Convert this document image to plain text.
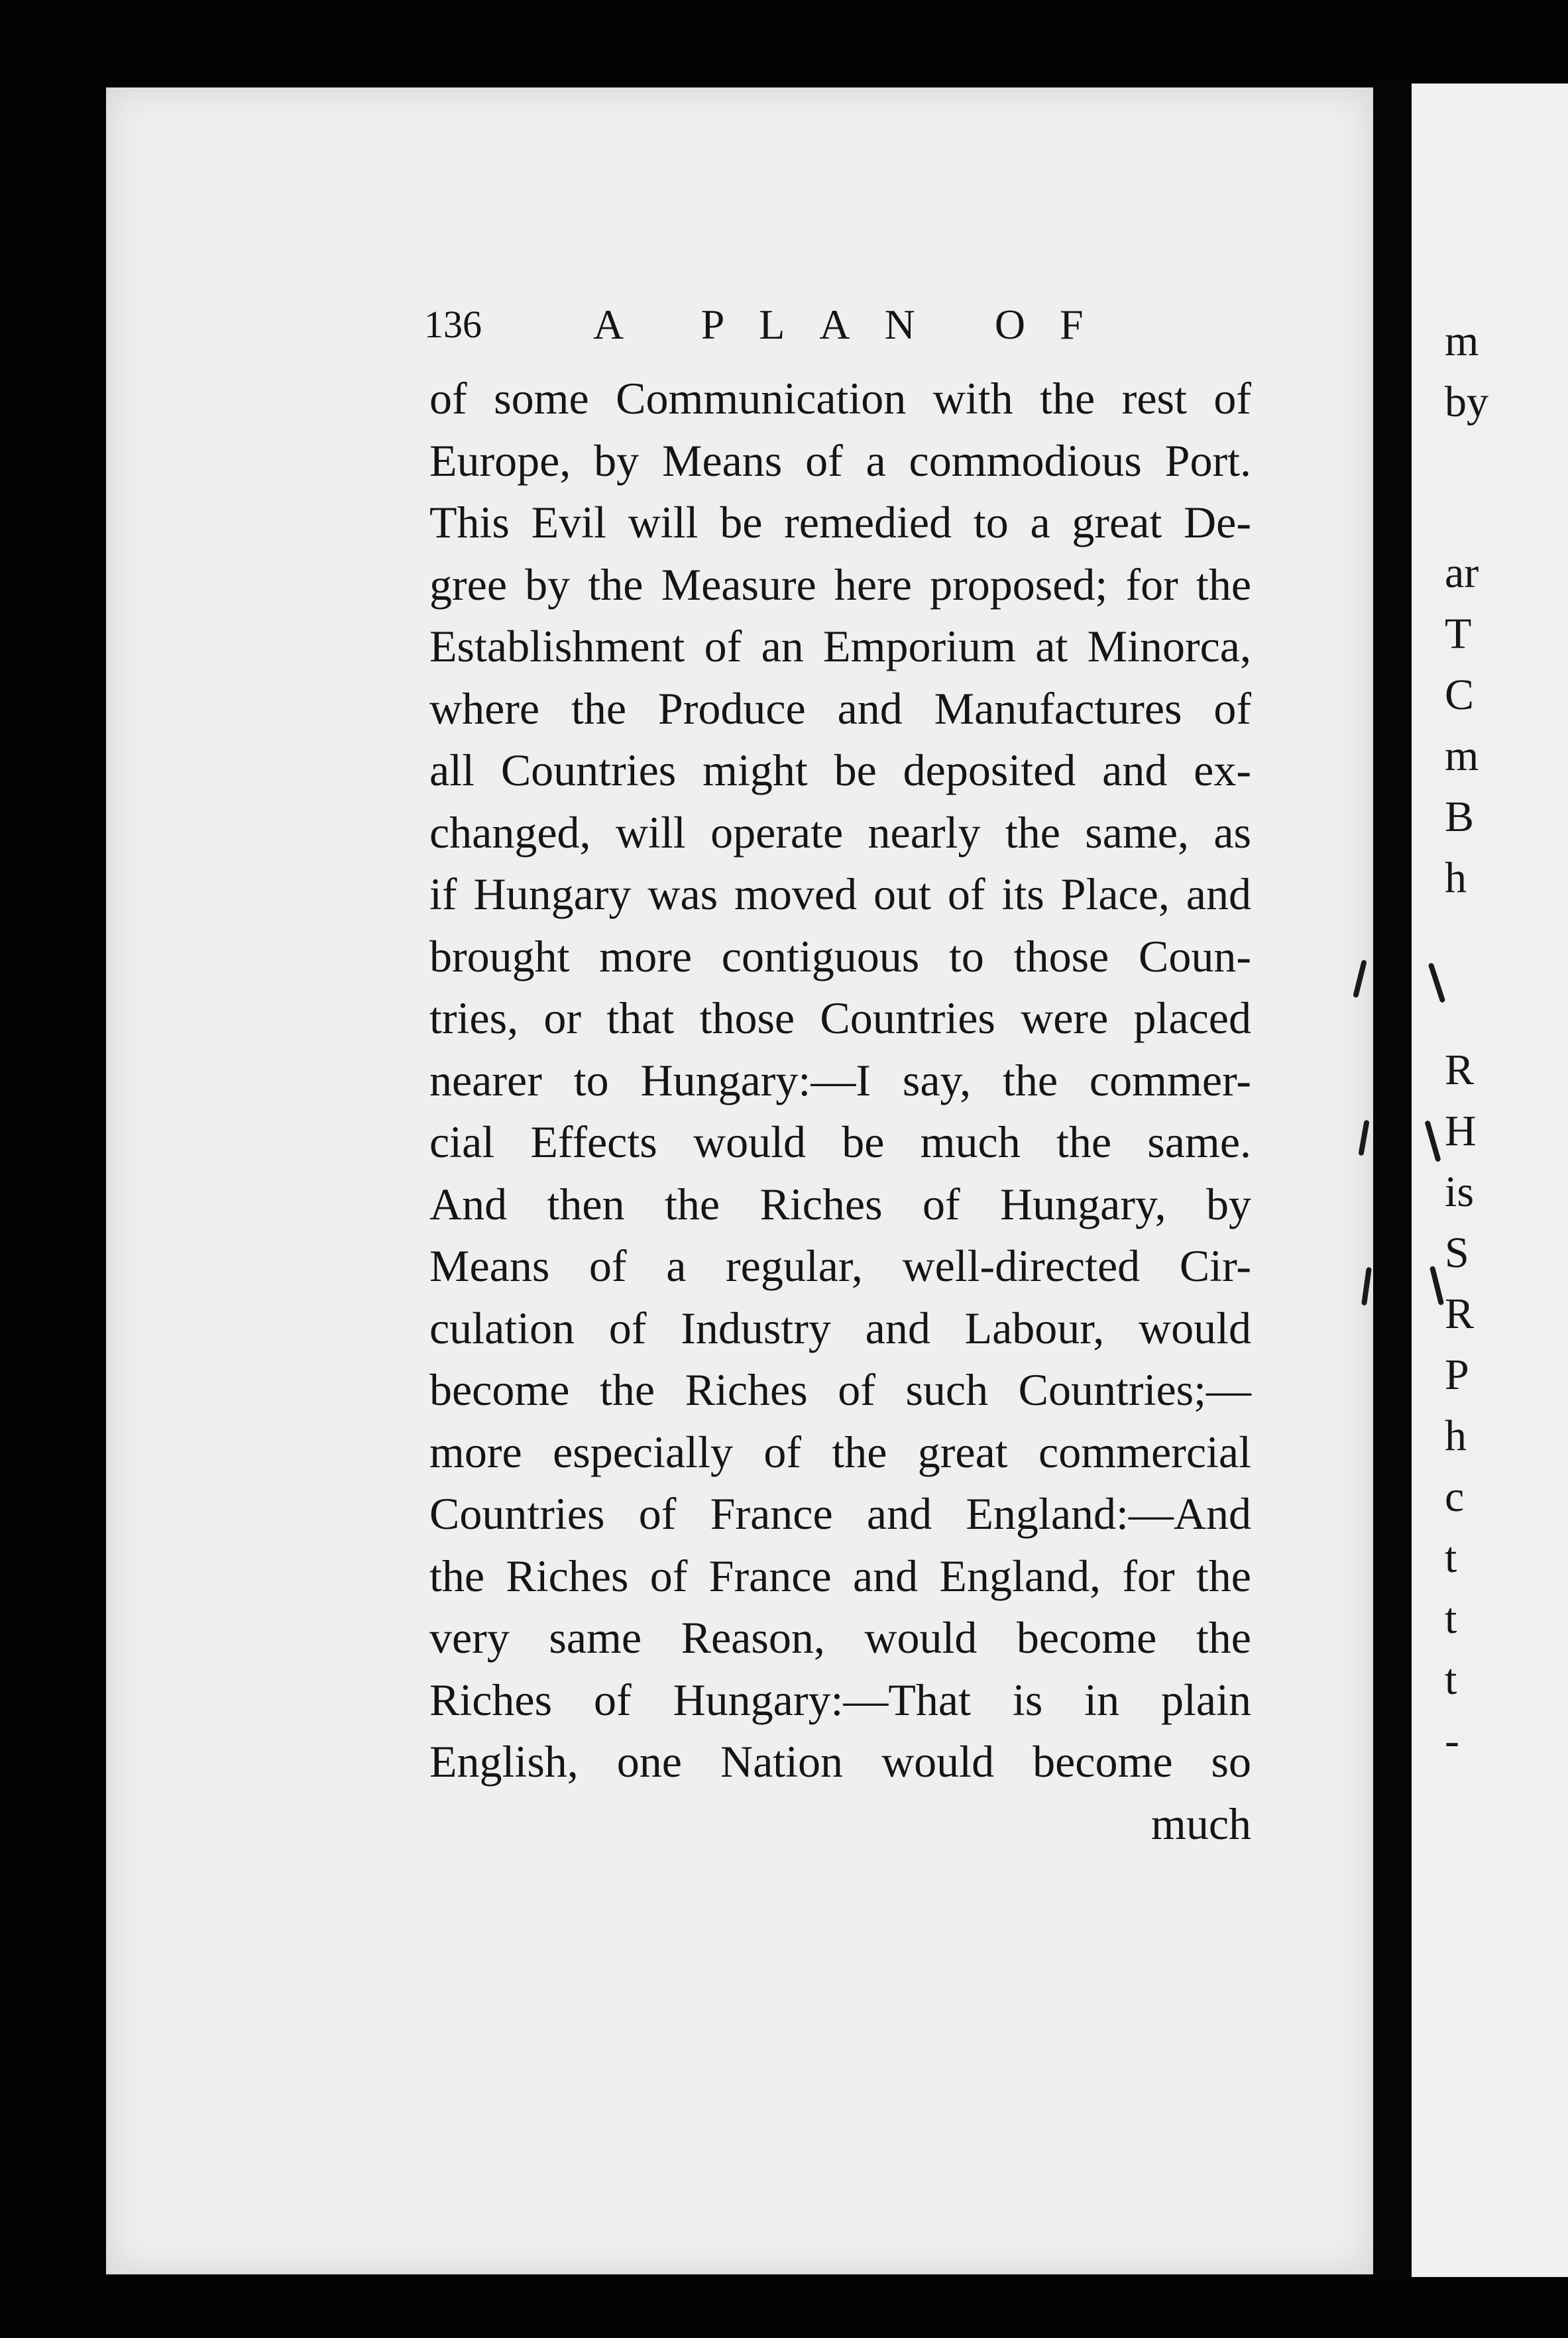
136	A PLAN OF
of some Communication with the rest of
Europe, by Means of a commodious Port.
This Evil will be remedied to a great De-
gree by the Measure here proposed; for the
Establishment of an Emporium at Minorca,
where the Produce and Manufactures of
all Countries might be deposited and ex-
changed, will operate nearly the same, as
if Hungary was moved out of its Place, and
brought more contiguous to those Coun-
tries, or that those Countries were placed
nearer to Hungary:—I say, the commer-
cial Effects would be much the same.
And then the Riches of Hungary, by
Means of a regular, well-directed Cir-
culation of Industry and Labour, would
become the Riches of such Countries;—
more especially of the great commercial
Countries of France and England:—And
the Riches of France and England, for the
very same Reason, would become the
Riches of Hungary:—That is in plain
English, one Nation would become so
much
m
by
ar
T
C
m
B
h
R
H
is
S
R
P
h
c
t
t
t
-
